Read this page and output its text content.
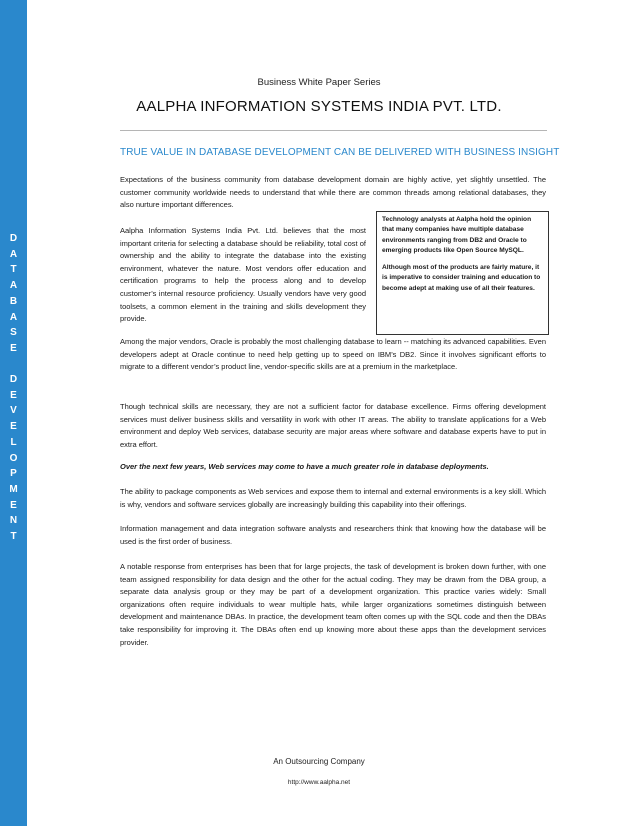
D
A
T
A
B
A
S
E
D
E
V
E
L
O
P
M
E
N
T
Business White Paper Series
AALPHA INFORMATION SYSTEMS INDIA PVT. LTD.
TRUE VALUE IN DATABASE DEVELOPMENT CAN BE DELIVERED WITH BUSINESS INSIGHT

Expectations of the business community from database development domain are highly active, yet slightly unsettled. The customer community worldwide needs to understand that while there are common threads among relational databases, they also nurture important differences.

Aalpha Information Systems India Pvt. Ltd. believes that the most important criteria for selecting a database should be reliability, total cost of ownership and the ability to integrate the database into the existing environment, whatever the nature. Most vendors offer education and certification programs to help the process along and to develop customer’s internal resource proficiency. Usually vendors have very good toolsets, a common element in the training and skills development they provide.

Technology analysts at Aalpha hold the opinion that many companies have multiple database environments ranging from DB2 and Oracle to emerging products like Open Source MySQL.

Although most of the products are fairly mature, it is imperative to consider training and education to become adept at making use of all their features.

Among the major vendors, Oracle is probably the most challenging database to learn -- matching its advanced capabilities. Even developers adept at Oracle continue to need help getting up to speed on IBM’s DB2. Since it involves significant efforts to migrate to a different vendor’s product line, vendor-specific skills are at a premium in the marketplace.

Though technical skills are necessary, they are not a sufficient factor for database excellence. Firms offering development services must deliver business skills and versatility in work with other IT areas. The ability to translate applications for a Web environment and deploy Web services, database security are major areas where software and database experts have to put in extra effort.

Over the next few years, Web services may come to have a much greater role in database deployments.

The ability to package components as Web services and expose them to internal and external environments is a key skill. Which is why, vendors and software services globally are increasingly building this capability into their offerings.

Information management and data integration software analysts and researchers think that knowing how the database will be used is the first order of business.

A notable response from enterprises has been that for large projects, the task of development is broken down further, with one team assigned responsibility for data design and the other for the actual coding. They may be drawn from the DBA group, a separate data analysis group or they may be part of a development organization. This practice varies widely: Small organizations often require individuals to wear multiple hats, while larger organizations sometimes distinguish between development and maintenance DBAs. In practice, the development team often comes up with the SQL code and then the DBAs take responsibility for improving it. The DBAs often end up knowing more about these apps than the development services provider.

An Outsourcing Company
http://www.aalpha.net
